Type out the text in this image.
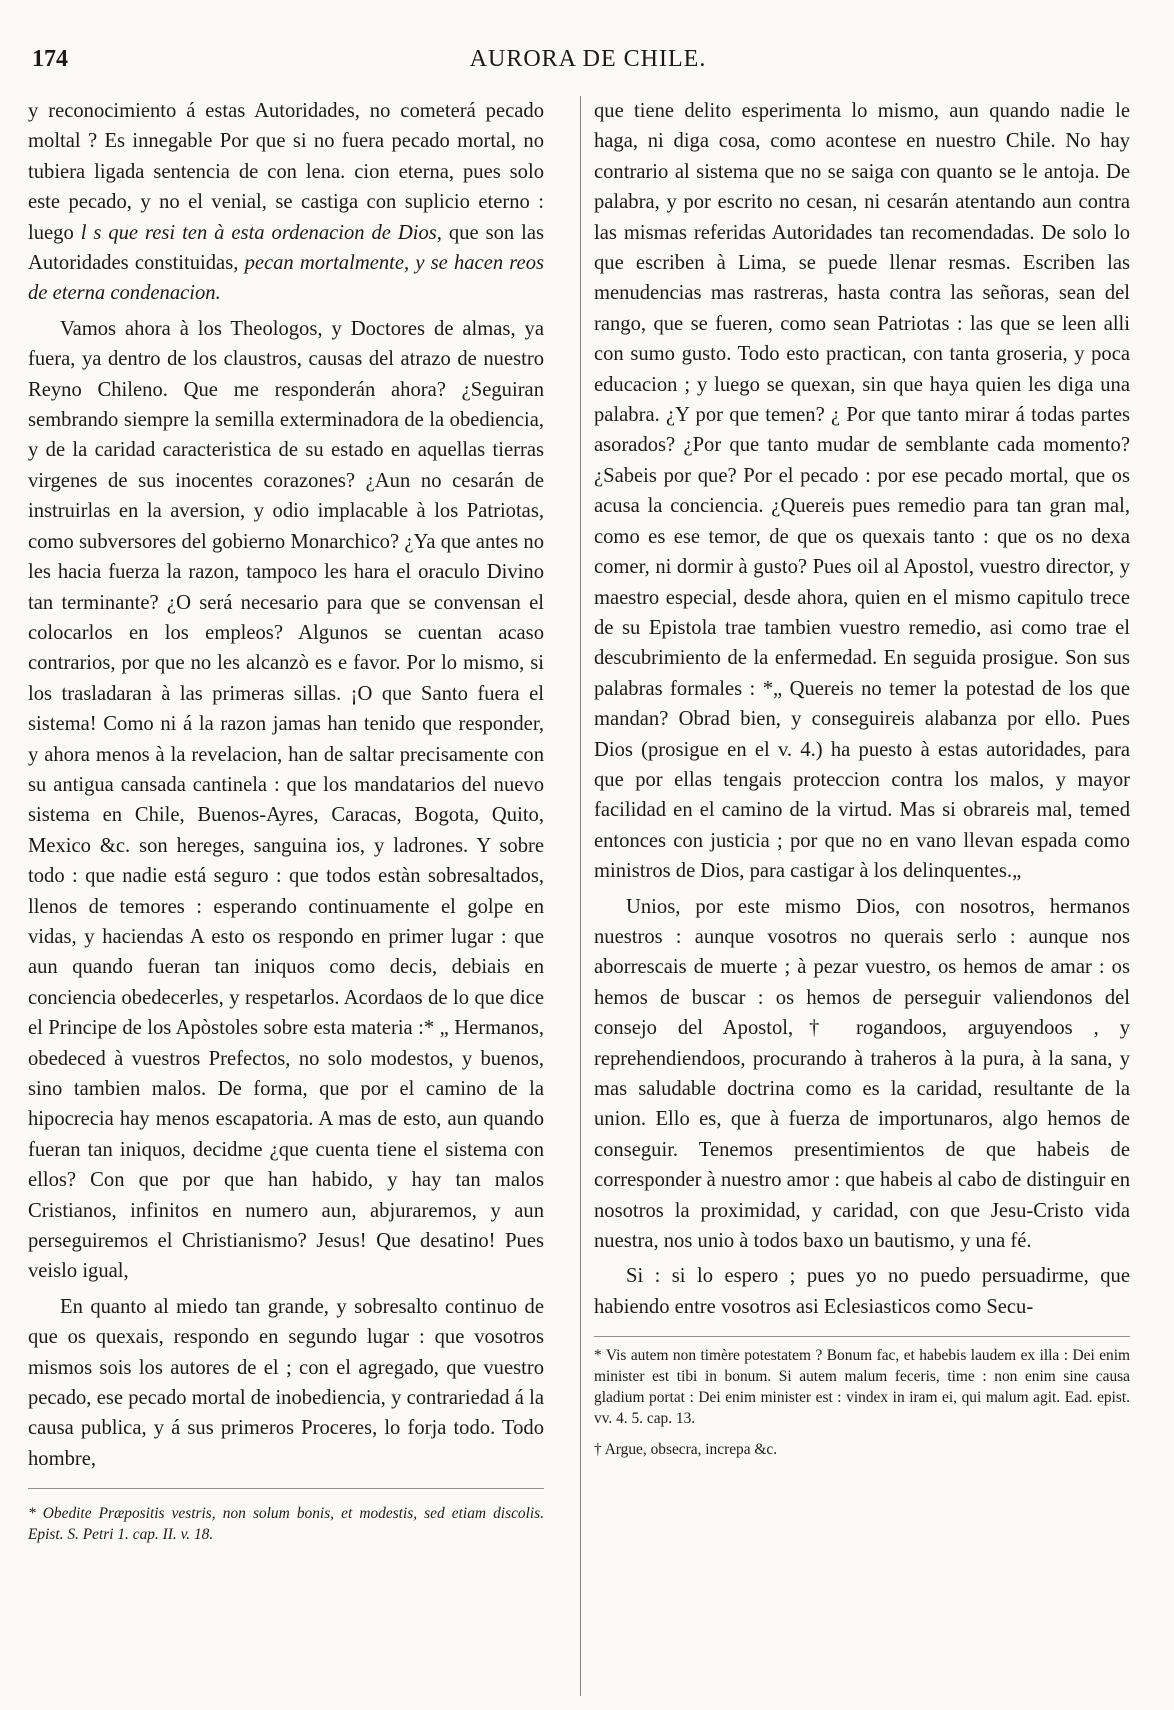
174	AURORA DE CHILE.

y reconocimiento á estas Autoridades, no cometerá pecado moltal ? Es innegable Por que si no fuera pecado mortal, no tubiera ligada sentencia de con lena. cion eterna, pues solo este pecado, y no el venial, se castiga con suplicio eterno : luego l s que resi ten à esta ordenacion de Dios, que son las Autoridades constituidas, pecan mortalmente, y se hacen reos de eterna condenacion.

Vamos ahora à los Theologos, y Doctores de almas, ya fuera, ya dentro de los claustros, causas del atrazo de nuestro Reyno Chileno. Que me responderán ahora? ¿Seguiran sembrando siempre la semilla exterminadora de la obediencia, y de la caridad caracteristica de su estado en aquellas tierras virgenes de sus inocentes corazones? ¿Aun no cesarán de instruirlas en la aversion, y odio implacable à los Patriotas, como subversores del gobierno Monarchico? ¿Ya que antes no les hacia fuerza la razon, tampoco les hara el oraculo Divino tan terminante? ¿O será necesario para que se convensan el colocarlos en los empleos? Algunos se cuentan acaso contrarios, por que no les alcanzò es e favor. Por lo mismo, si los trasladaran à las primeras sillas. ¡O que Santo fuera el sistema! Como ni á la razon jamas han tenido que responder, y ahora menos à la revelacion, han de saltar precisamente con su antigua cansada cantinela : que los mandatarios del nuevo sistema en Chile, Buenos-Ayres, Caracas, Bogota, Quito, Mexico &c. son hereges, sanguina ios, y ladrones. Y sobre todo : que nadie está seguro : que todos estàn sobresaltados, llenos de temores : esperando continuamente el golpe en vidas, y haciendas A esto os respondo en primer lugar : que aun quando fueran tan iniquos como decis, debiais en conciencia obedecerles, y respetarlos. Acordaos de lo que dice el Principe de los Apòstoles sobre esta materia :* „ Hermanos, obedeced à vuestros Prefectos, no solo modestos, y buenos, sino tambien malos. De forma, que por el camino de la hipocrecia hay menos escapatoria. A mas de esto, aun quando fueran tan iniquos, decidme ¿que cuenta tiene el sistema con ellos? Con que por que han habido, y hay tan malos Cristianos, infinitos en numero aun, abjuraremos, y aun perseguiremos el Christianismo? Jesus! Que desatino! Pues veislo igual,

En quanto al miedo tan grande, y sobresalto continuo de que os quexais, respondo en segundo lugar : que vosotros mismos sois los autores de el ; con el agregado, que vuestro pecado, ese pecado mortal de inobediencia, y contrariedad á la causa publica, y á sus primeros Proceres, lo forja todo. Todo hombre,

* Obedite Præpositis vestris, non solum bonis, et modestis, sed etiam discolis. Epist. S. Petri 1. cap. II. v. 18.

que tiene delito esperimenta lo mismo, aun quando nadie le haga, ni diga cosa, como acontese en nuestro Chile. No hay contrario al sistema que no se saiga con quanto se le antoja. De palabra, y por escrito no cesan, ni cesarán atentando aun contra las mismas referidas Autoridades tan recomendadas. De solo lo que escriben à Lima, se puede llenar resmas. Escriben las menudencias mas rastreras, hasta contra las señoras, sean del rango, que se fueren, como sean Patriotas : las que se leen alli con sumo gusto. Todo esto practican, con tanta groseria, y poca educacion ; y luego se quexan, sin que haya quien les diga una palabra. ¿Y por que temen? ¿ Por que tanto mirar á todas partes asorados? ¿Por que tanto mudar de semblante cada momento? ¿Sabeis por que? Por el pecado : por ese pecado mortal, que os acusa la conciencia. ¿Quereis pues remedio para tan gran mal, como es ese temor, de que os quexais tanto : que os no dexa comer, ni dormir à gusto? Pues oil al Apostol, vuestro director, y maestro especial, desde ahora, quien en el mismo capitulo trece de su Epistola trae tambien vuestro remedio, asi como trae el descubrimiento de la enfermedad. En seguida prosigue. Son sus palabras formales : *„ Quereis no temer la potestad de los que mandan? Obrad bien, y conseguireis alabanza por ello. Pues Dios (prosigue en el v. 4.) ha puesto à estas autoridades, para que por ellas tengais proteccion contra los malos, y mayor facilidad en el camino de la virtud. Mas si obrareis mal, temed entonces con justicia ; por que no en vano llevan espada como ministros de Dios, para castigar à los delinquentes.„

Unios, por este mismo Dios, con nosotros, hermanos nuestros : aunque vosotros no querais serlo : aunque nos aborrescais de muerte ; à pezar vuestro, os hemos de amar : os hemos de buscar : os hemos de perseguir valiendonos del consejo del Apostol,† rogandoos, arguyendoos , y reprehendiendoos, procurando à traheros à la pura, à la sana, y mas saludable doctrina como es la caridad, resultante de la union. Ello es, que à fuerza de importunaros, algo hemos de conseguir. Tenemos presentimientos de que habeis de corresponder à nuestro amor : que habeis al cabo de distinguir en nosotros la proximidad, y caridad, con que Jesu-Cristo vida nuestra, nos unio à todos baxo un bautismo, y una fé.

Si : si lo espero ; pues yo no puedo persuadirme, que habiendo entre vosotros asi Eclesiasticos como Secu-

* Vis autem non timère potestatem ? Bonum fac, et habebis laudem ex illa : Dei enim minister est tibi in bonum. Si autem malum feceris, time : non enim sine causa gladium portat : Dei enim minister est : vindex in iram ei, qui malum agit. Ead. epist. vv. 4. 5. cap. 13.

† Argue, obsecra, increpa &c.
